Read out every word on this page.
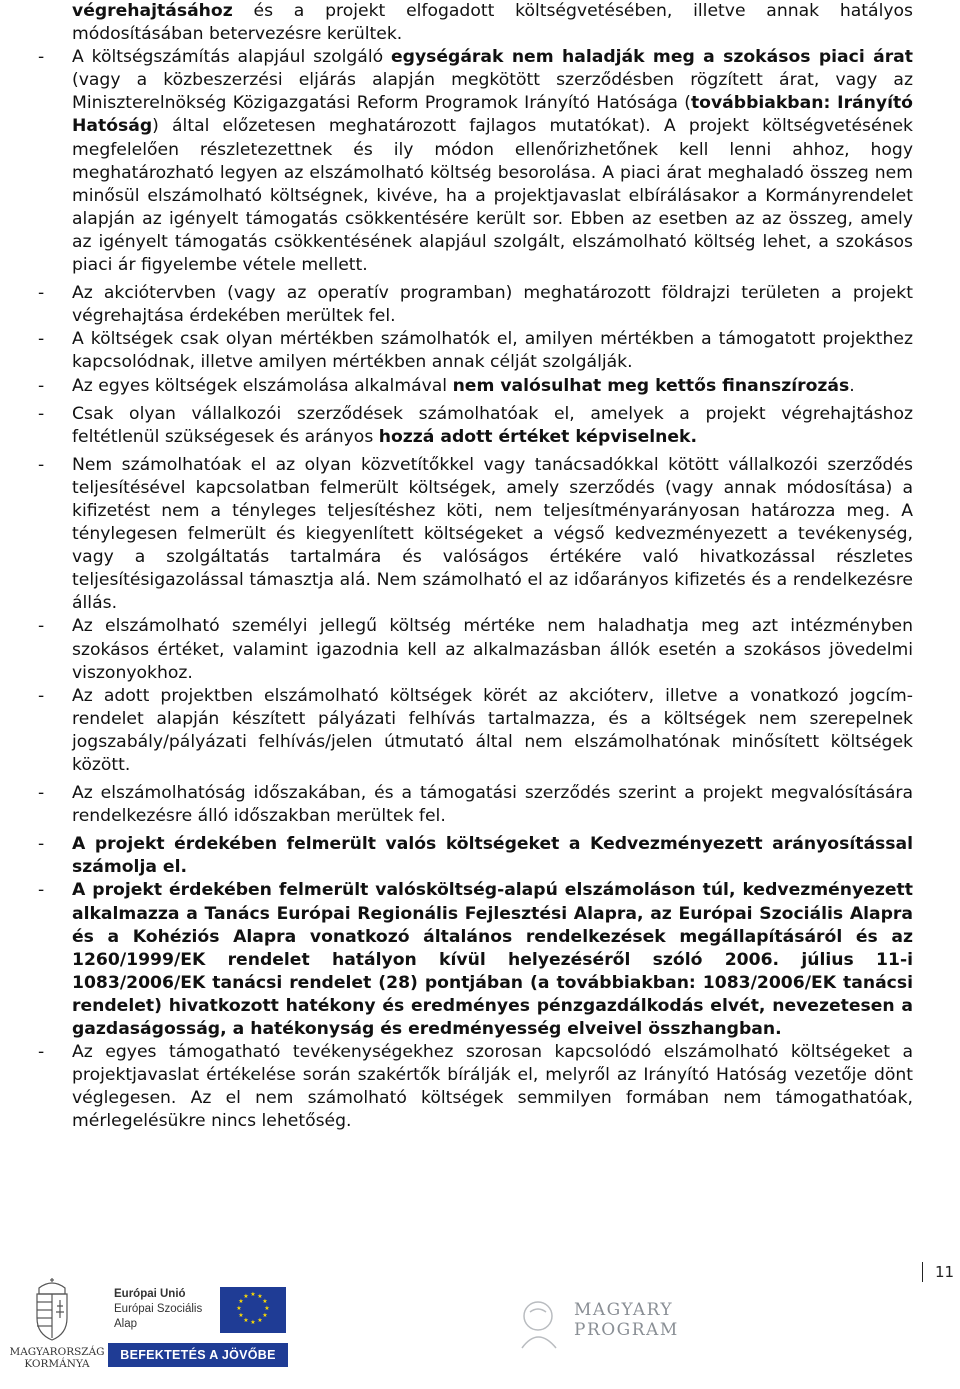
végrehajtásához és a projekt elfogadott költségvetésében, illetve annak hatályos módosításában betervezésre kerültek.
- A költségszámítás alapjául szolgáló egységárak nem haladják meg a szokásos piaci árat (vagy a közbeszerzési eljárás alapján megkötött szerződésben rögzített árat, vagy az Miniszterelnökség Közigazgatási Reform Programok Irányító Hatósága (továbbiakban: Irányító Hatóság) által előzetesen meghatározott fajlagos mutatókat). A projekt költségvetésének megfelelően részletezettnek és ily módon ellenőrizhetőnek kell lenni ahhoz, hogy meghatározható legyen az elszámolható költség besorolása. A piaci árat meghaladó összeg nem minősül elszámolható költségnek, kivéve, ha a projektjavaslat elbírálásakor a Kormányrendelet alapján az igényelt támogatás csökkentésére került sor. Ebben az esetben az az összeg, amely az igényelt támogatás csökkentésének alapjául szolgált, elszámolható költség lehet, a szokásos piaci ár figyelembe vétele mellett.
- Az akciótervben (vagy az operatív programban) meghatározott földrajzi területen a projekt végrehajtása érdekében merültek fel.
- A költségek csak olyan mértékben számolhatók el, amilyen mértékben a támogatott projekthez kapcsolódnak, illetve amilyen mértékben annak célját szolgálják.
- Az egyes költségek elszámolása alkalmával nem valósulhat meg kettős finanszírozás.
- Csak olyan vállalkozói szerződések számolhatóak el, amelyek a projekt végrehajtáshoz feltétlenül szükségesek és arányos hozzá adott értéket képviselnek.
- Nem számolhatóak el az olyan közvetítőkkel vagy tanácsadókkal kötött vállalkozói szerződés teljesítésével kapcsolatban felmerült költségek, amely szerződés (vagy annak módosítása) a kifizetést nem a tényleges teljesítéshez köti, nem teljesítményarányosan határozza meg. A ténylegesen felmerült és kiegyenlített költségeket a végső kedvezményezett a tevékenység, vagy a szolgáltatás tartalmára és valóságos értékére való hivatkozással részletes teljesítésigazolással támasztja alá. Nem számolható el az időarányos kifizetés és a rendelkezésre állás.
- Az elszámolható személyi jellegű költség mértéke nem haladhatja meg azt intézményben szokásos értéket, valamint igazodnia kell az alkalmazásban állók esetén a szokásos jövedelmi viszonyokhoz.
- Az adott projektben elszámolható költségek körét az akcióterv, illetve a vonatkozó jogcím-rendelet alapján készített pályázati felhívás tartalmazza, és a költségek nem szerepelnek jogszabály/pályázati felhívás/jelen útmutató által nem elszámolhatónak minősített költségek között.
- Az elszámolhatóság időszakában, és a támogatási szerződés szerint a projekt megvalósítására rendelkezésre álló időszakban merültek fel.
- A projekt érdekében felmerült valós költségeket a Kedvezményezett arányosítással számolja el.
- A projekt érdekében felmerült valósköltség-alapú elszámoláson túl, kedvezményezett alkalmazza a Tanács Európai Regionális Fejlesztési Alapra, az Európai Szociális Alapra és a Kohéziós Alapra vonatkozó általános rendelkezések megállapításáról és az 1260/1999/EK rendelet hatályon kívül helyezéséről szóló 2006. július 11-i 1083/2006/EK tanácsi rendelet (28) pontjában (a továbbiakban: 1083/2006/EK tanácsi rendelet) hivatkozott hatékony és eredményes pénzgazdálkodás elvét, nevezetesen a gazdaságosság, a hatékonyság és eredményesség elveivel összhangban.
- Az egyes támogatható tevékenységekhez szorosan kapcsolódó elszámolható költségeket a projektjavaslat értékelése során szakértők bírálják el, melyről az Irányító Hatóság vezetője dönt véglegesen. Az el nem számolható költségek semmilyen formában nem támogathatóak, mérlegelésükre nincs lehetőség.
11
MAGYARORSZÁG
KORMÁNYA
Európai Unió
Európai Szociális
Alap
★ ★
★
★
★
★
★
★
★
★
★
★
BEFEKTETÉS A JÖVŐBE
MAGYARY
PROGRAM
